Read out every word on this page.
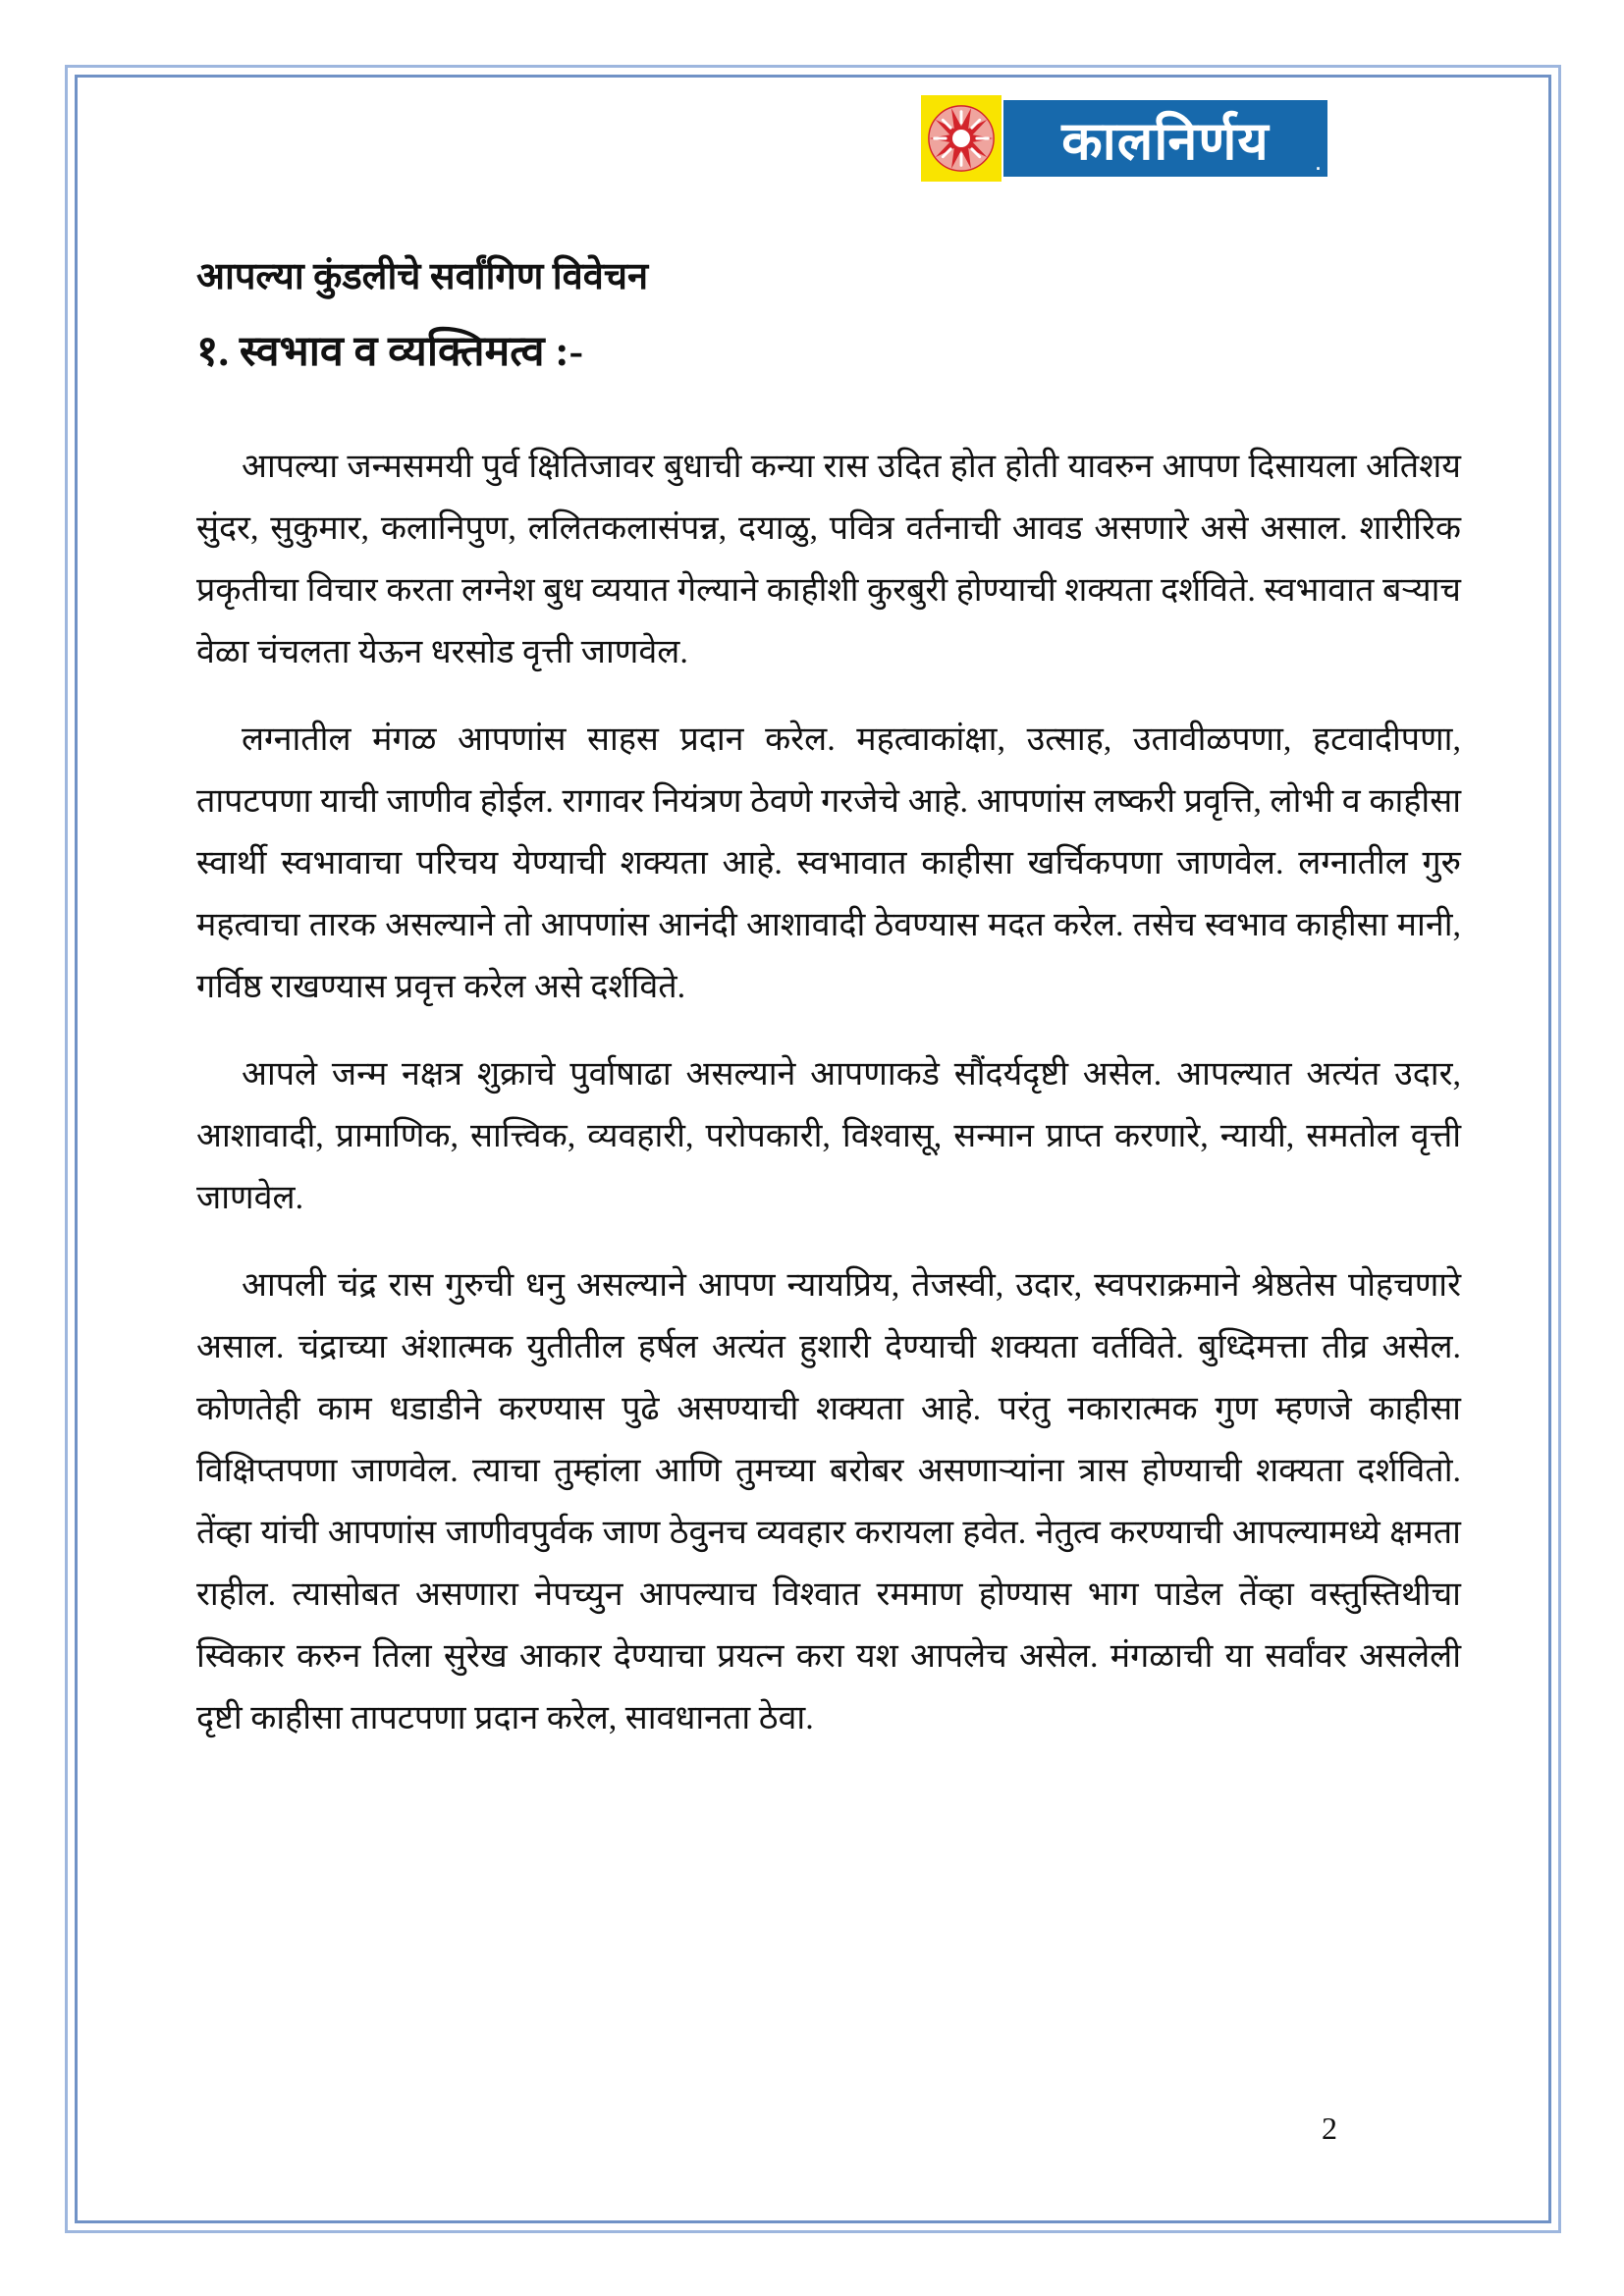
कालनिर्णय	.
आपल्या कुंडलीचे सर्वांगिण विवेचन
१. स्वभाव व व्यक्तिमत्व :-

आपल्या जन्मसमयी पुर्व क्षितिजावर बुधाची कन्या रास उदित होत होती यावरुन आपण दिसायला अतिशय सुंदर, सुकुमार, कलानिपुण, ललितकलासंपन्न, दयाळु, पवित्र वर्तनाची आवड असणारे असे असाल. शारीरिक प्रकृतीचा विचार करता लग्नेश बुध व्ययात गेल्याने काहीशी कुरबुरी होण्याची शक्यता दर्शविते. स्वभावात बऱ्याच वेळा चंचलता येऊन धरसोड वृत्ती जाणवेल.

लग्नातील मंगळ आपणांस साहस प्रदान करेल. महत्वाकांक्षा, उत्साह, उतावीळपणा, हटवादीपणा, तापटपणा याची जाणीव होईल. रागावर नियंत्रण ठेवणे गरजेचे आहे. आपणांस लष्करी प्रवृत्ति, लोभी व काहीसा स्वार्थी स्वभावाचा परिचय येण्याची शक्यता आहे. स्वभावात काहीसा खर्चिकपणा जाणवेल. लग्नातील गुरु महत्वाचा तारक असल्याने तो आपणांस आनंदी आशावादी ठेवण्यास मदत करेल. तसेच स्वभाव काहीसा मानी, गर्विष्ठ राखण्यास प्रवृत्त करेल असे दर्शविते.

आपले जन्म नक्षत्र शुक्राचे पुर्वाषाढा असल्याने आपणाकडे सौंदर्यदृष्टी असेल. आपल्यात अत्यंत उदार, आशावादी, प्रामाणिक, सात्त्विक, व्यवहारी, परोपकारी, विश्वासू, सन्मान प्राप्त करणारे, न्यायी, समतोल वृत्ती जाणवेल.

आपली चंद्र रास गुरुची धनु असल्याने आपण न्यायप्रिय, तेजस्वी, उदार, स्वपराक्रमाने श्रेष्ठतेस पोहचणारे असाल. चंद्राच्या अंशात्मक युतीतील हर्षल अत्यंत हुशारी देण्याची शक्यता वर्तविते. बुध्दिमत्ता तीव्र असेल. कोणतेही काम धडाडीने करण्यास पुढे असण्याची शक्यता आहे. परंतु नकारात्मक गुण म्हणजे काहीसा विक्षिप्तपणा जाणवेल. त्याचा तुम्हांला आणि तुमच्या बरोबर असणाऱ्यांना त्रास होण्याची शक्यता दर्शवितो. तेंव्हा यांची आपणांस जाणीवपुर्वक जाण ठेवुनच व्यवहार करायला हवेत. नेतुत्व करण्याची आपल्यामध्ये क्षमता राहील. त्यासोबत असणारा नेपच्युन आपल्याच विश्वात रममाण होण्यास भाग पाडेल तेंव्हा वस्तुस्तिथीचा स्विकार करुन तिला सुरेख आकार देण्याचा प्रयत्न करा यश आपलेच असेल. मंगळाची या सर्वांवर असलेली दृष्टी काहीसा तापटपणा प्रदान करेल, सावधानता ठेवा.

2
